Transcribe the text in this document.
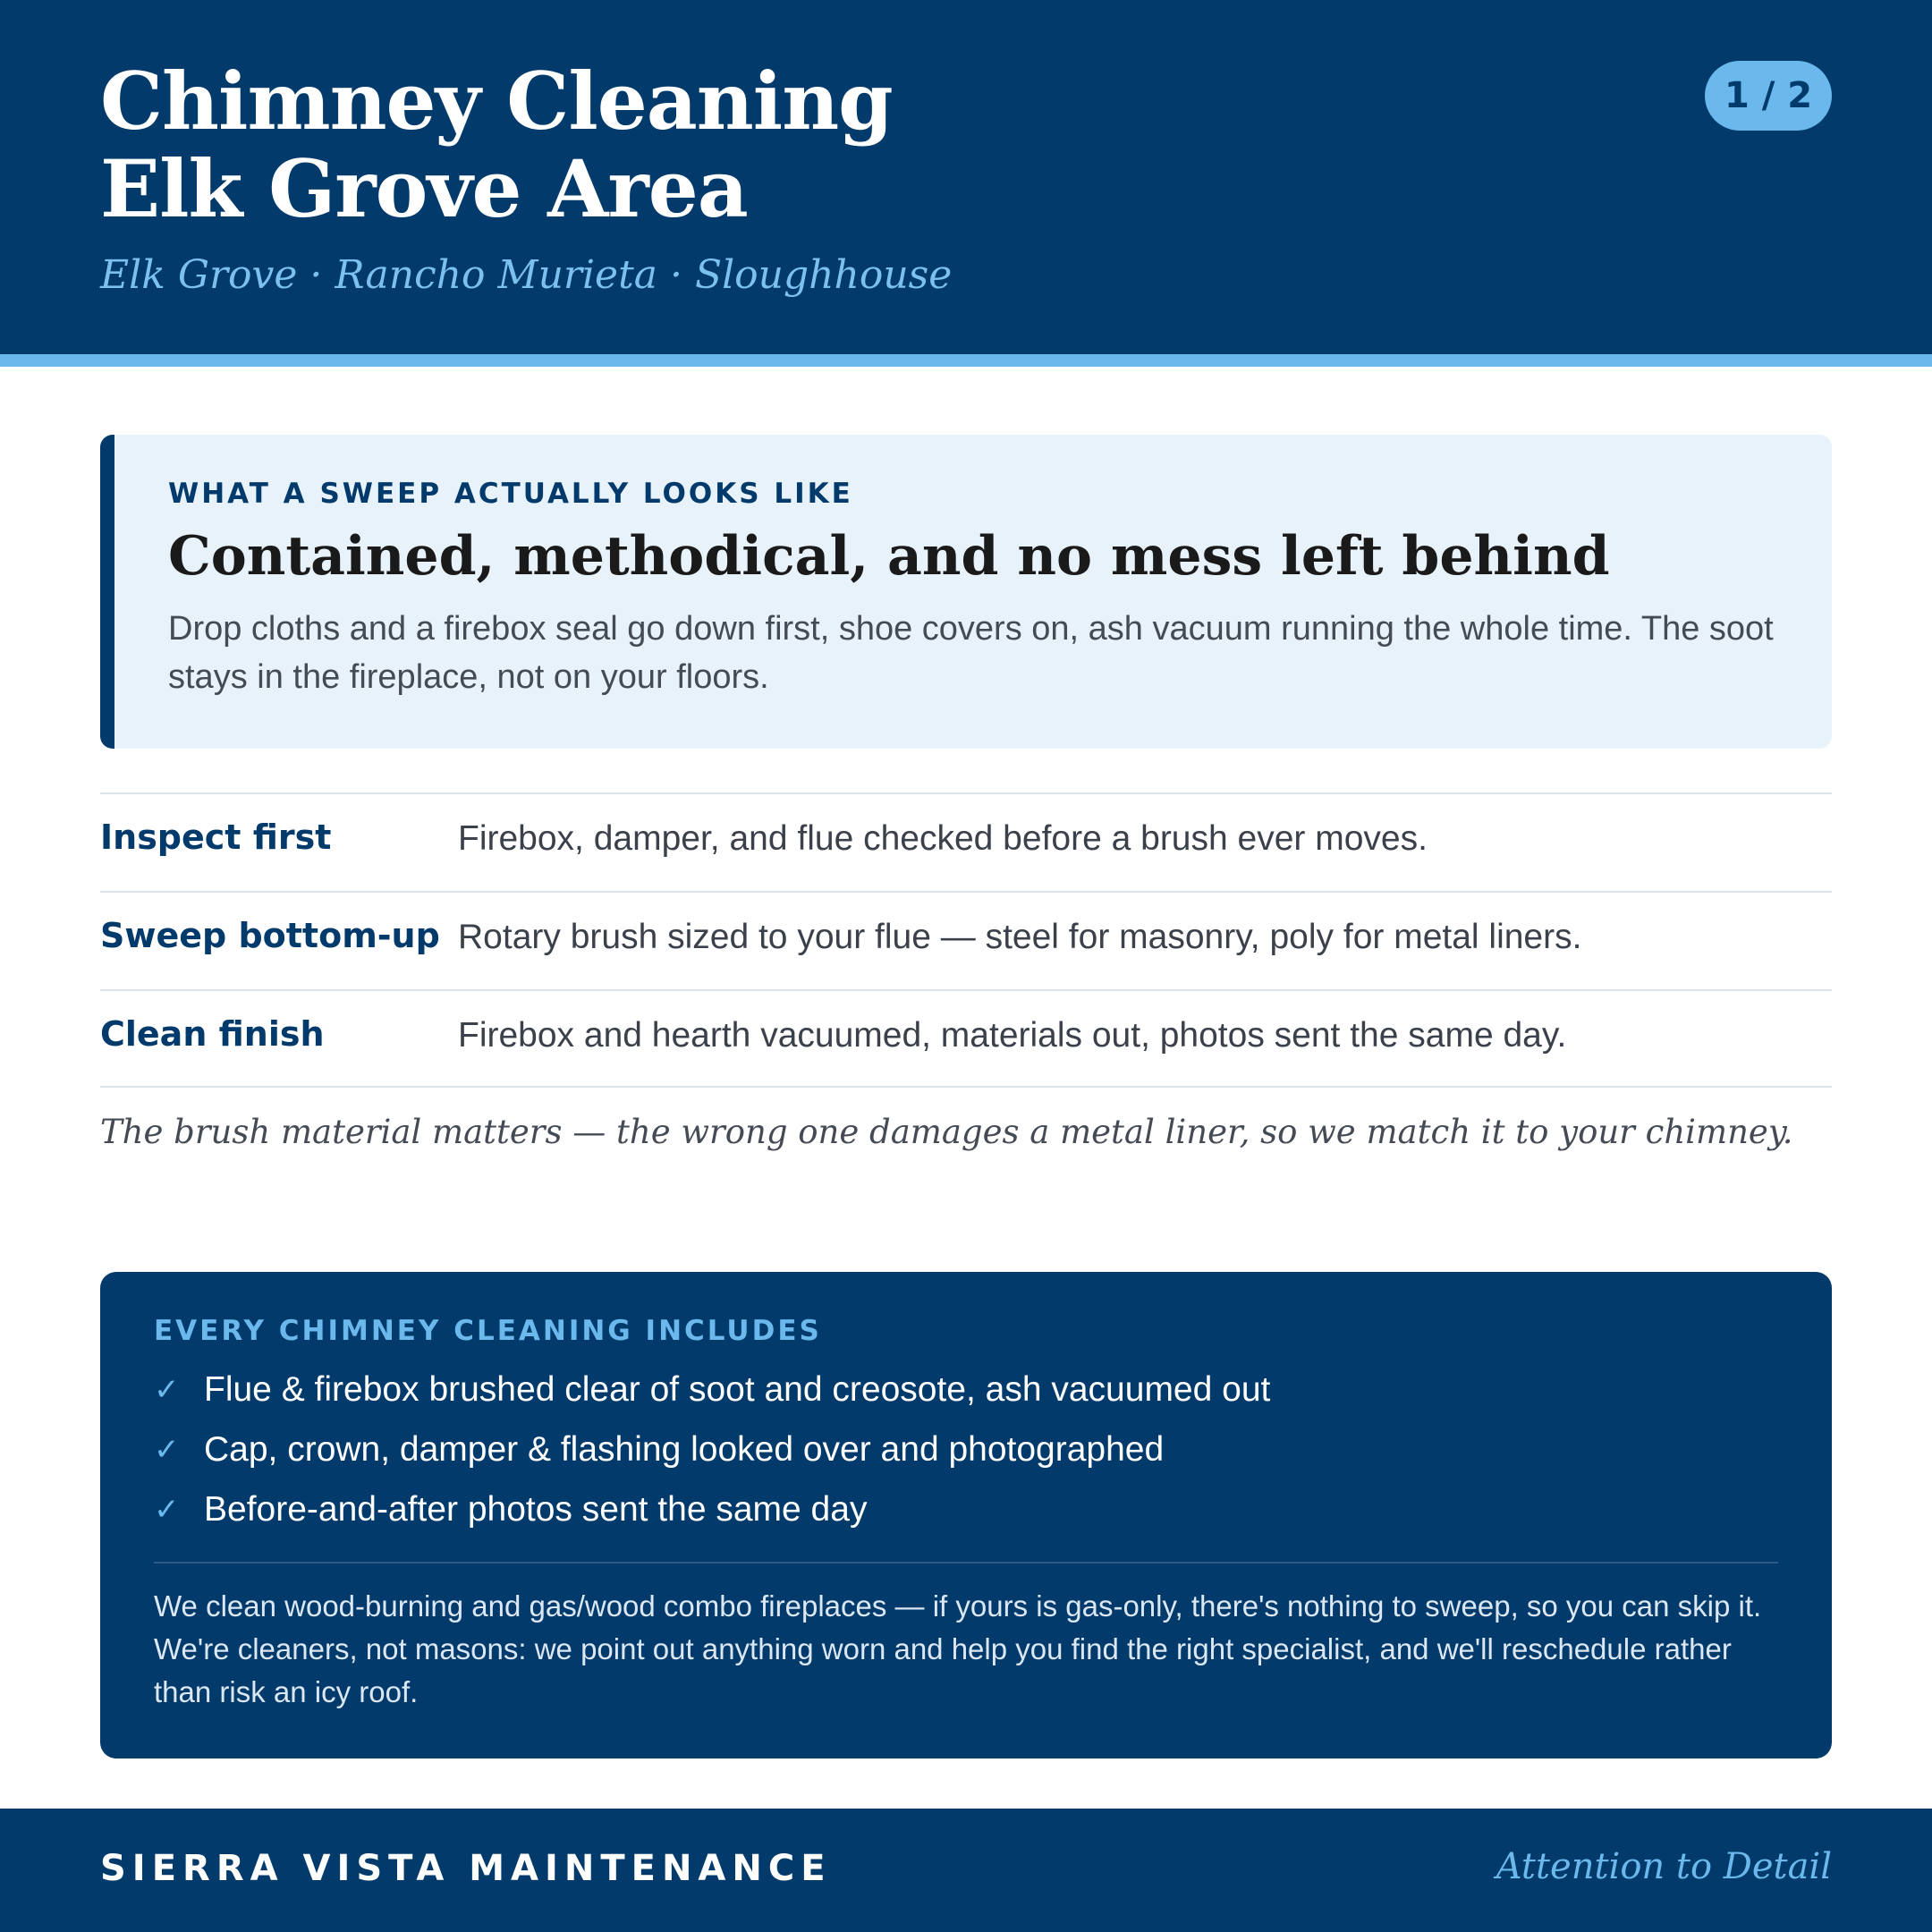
Chimney Cleaning
Elk Grove Area
Elk Grove · Rancho Murieta · Sloughhouse
1 / 2
WHAT A SWEEP ACTUALLY LOOKS LIKE
Contained, methodical, and no mess left behind

Drop cloths and a firebox seal go down first, shoe covers on, ash vacuum running the whole time. The soot stays in the fireplace, not on your floors.

Inspect first	Firebox, damper, and flue checked before a brush ever moves.
Sweep bottom-up Rotary brush sized to your flue — steel for masonry, poly for metal liners.
Clean finish	Firebox and hearth vacuumed, materials out, photos sent the same day.

The brush material matters — the wrong one damages a metal liner, so we match it to your chimney.

EVERY CHIMNEY CLEANING INCLUDES
✓ Flue & firebox brushed clear of soot and creosote, ash vacuumed out
✓ Cap, crown, damper & flashing looked over and photographed
✓ Before-and-after photos sent the same day

We clean wood-burning and gas/wood combo fireplaces — if yours is gas-only, there's nothing to sweep, so you can skip it. We're cleaners, not masons: we point out anything worn and help you find the right specialist, and we'll reschedule rather than risk an icy roof.

SIERRA VISTA MAINTENANCE	Attention to Detail
